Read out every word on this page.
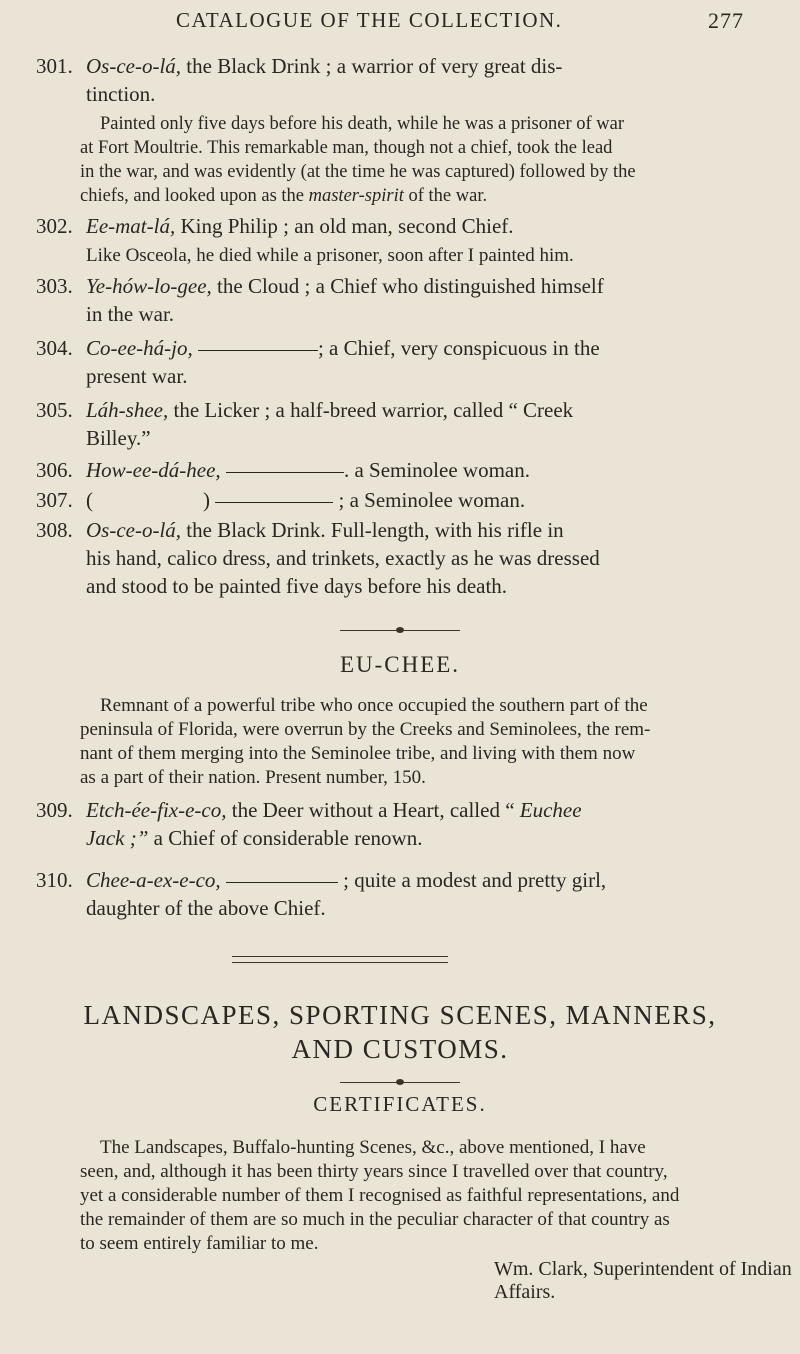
CATALOGUE OF THE COLLECTION.	277
301. Os-ce-o-lá, the Black Drink ; a warrior of very great dis-
tinction.
Painted only five days before his death, while he was a prisoner of war
at Fort Moultrie. This remarkable man, though not a chief, took the lead
in the war, and was evidently (at the time he was captured) followed by the
chiefs, and looked upon as the master-spirit of the war.
302. Ee-mat-lá, King Philip ; an old man, second Chief.
Like Osceola, he died while a prisoner, soon after I painted him.
303. Ye-hów-lo-gee, the Cloud ; a Chief who distinguished himself
in the war.
304. Co-ee-há-jo,	; a Chief, very conspicuous in the
present war.
305. Láh-shee, the Licker ; a half-breed warrior, called “ Creek
Billey.”
306. How-ee-dá-hee,	. a Seminolee woman.
307. (	)	; a Seminolee woman.
308. Os-ce-o-lá, the Black Drink. Full-length, with his rifle in
his hand, calico dress, and trinkets, exactly as he was dressed
and stood to be painted five days before his death.
EU-CHEE.
Remnant of a powerful tribe who once occupied the southern part of the
peninsula of Florida, were overrun by the Creeks and Seminolees, the rem-
nant of them merging into the Seminolee tribe, and living with them now
as a part of their nation. Present number, 150.
309. Etch-ée-fix-e-co, the Deer without a Heart, called “ Euchee
Jack ;” a Chief of considerable renown.
310. Chee-a-ex-e-co,	; quite a modest and pretty girl,
daughter of the above Chief.
LANDSCAPES, SPORTING SCENES, MANNERS,
AND CUSTOMS.
CERTIFICATES.
The Landscapes, Buffalo-hunting Scenes, &c., above mentioned, I have
seen, and, although it has been thirty years since I travelled over that country,
yet a considerable number of them I recognised as faithful representations, and
the remainder of them are so much in the peculiar character of that country as
to seem entirely familiar to me.
Wm. Clark, Superintendent of Indian Affairs.
